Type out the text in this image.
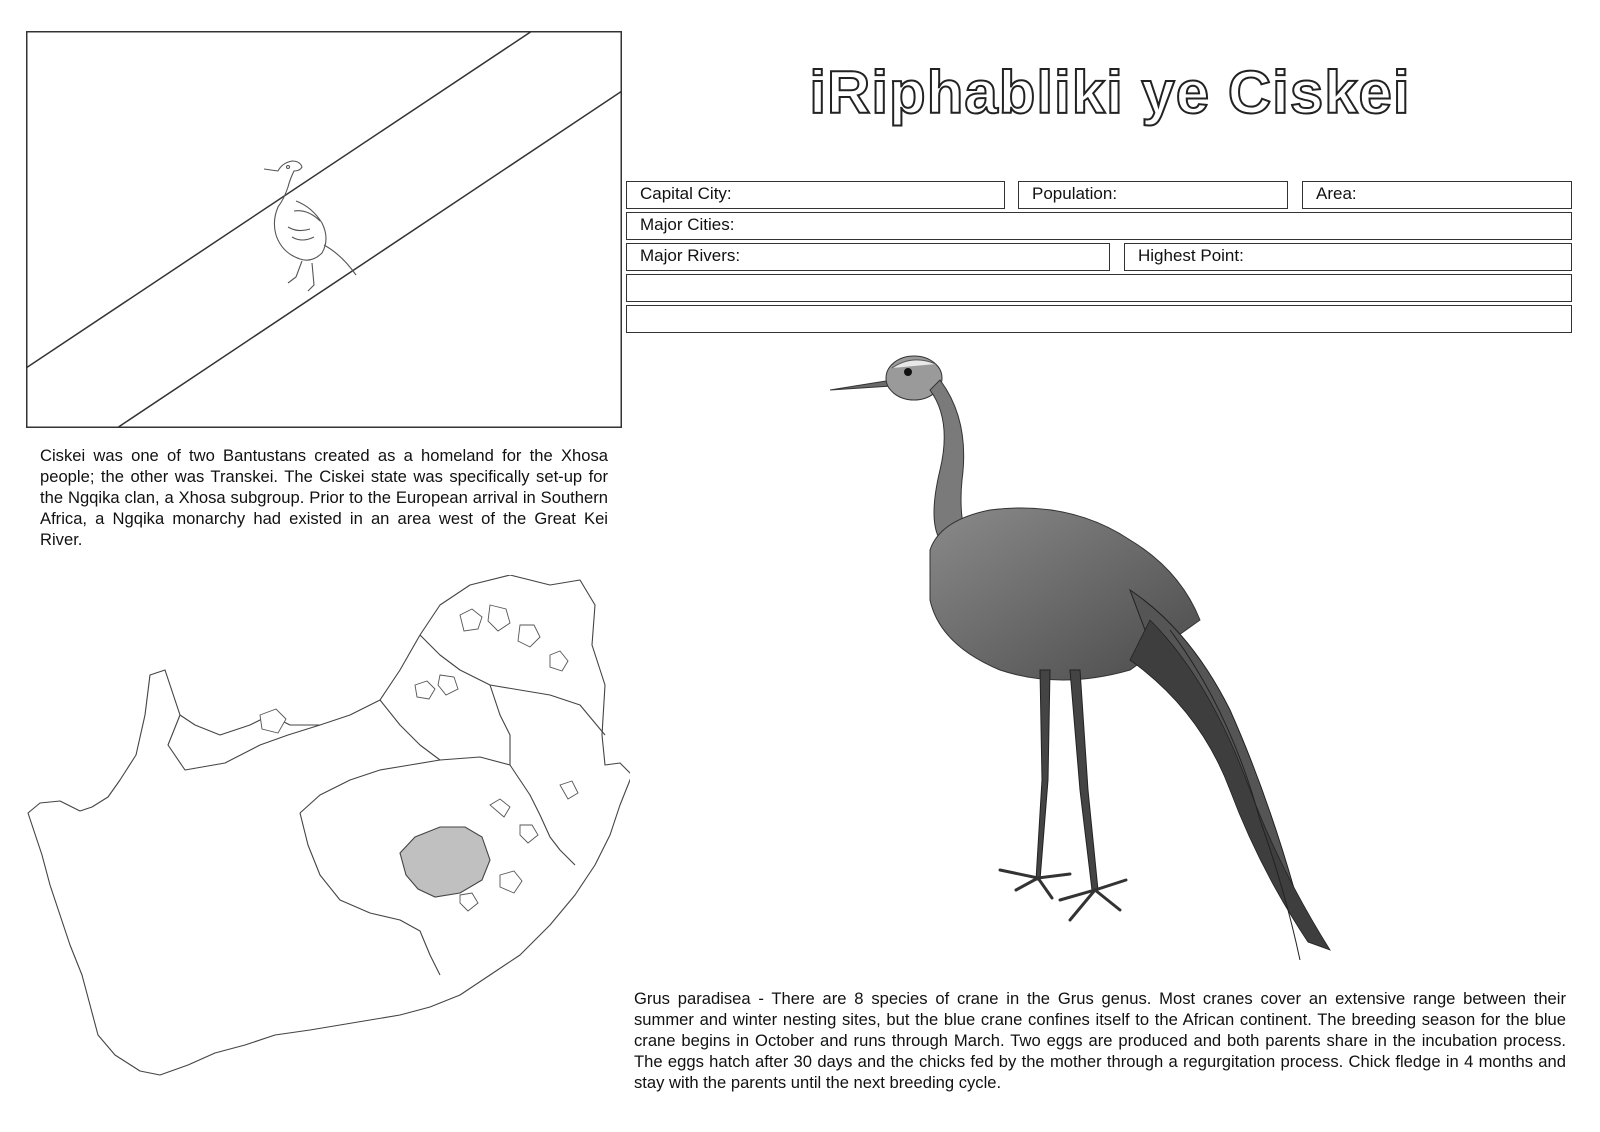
iRiphabliki ye Ciskei
Capital City:	Population:	Area:
Major Cities:
Major Rivers:	Highest Point:
Ciskei was one of two Bantustans created as a homeland for the Xhosa people; the other was Transkei. The Ciskei state was specifically set-up for the Ngqika clan, a Xhosa subgroup. Prior to the European arrival in Southern Africa, a Ngqika monarchy had existed in an area west of the Great Kei River.
Grus paradisea - There are 8 species of crane in the Grus genus. Most cranes cover an extensive range between their summer and winter nesting sites, but the blue crane confines itself to the African continent. The breeding season for the blue crane begins in October and runs through March. Two eggs are produced and both parents share in the incubation process. The eggs hatch after 30 days and the chicks fed by the mother through a regurgitation process. Chick fledge in 4 months and stay with the parents until the next breeding cycle.
